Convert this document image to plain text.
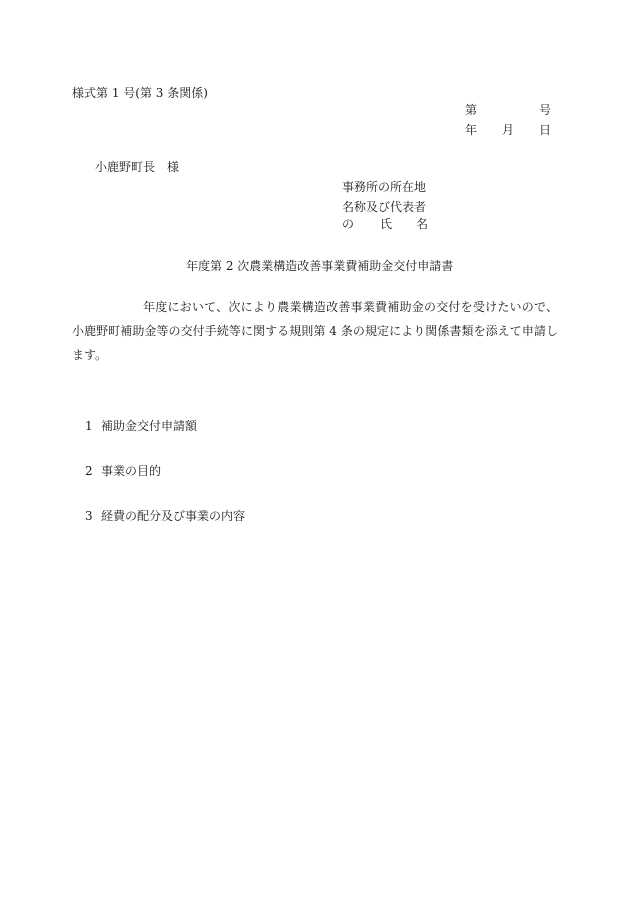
様式第 1 号(第 3 条関係)
第	号
年 月 日
小鹿野町長　様
事務所の所在地
名称及び代表者
の 氏 名
年度第 2 次農業構造改善事業費補助金交付申請書
年度において、次により農業構造改善事業費補助金の交付を受けたいので、小鹿野町補助金等の交付手続等に関する規則第 4 条の規定により関係書類を添えて申請します。
1 補助金交付申請額
2 事業の目的
3 経費の配分及び事業の内容
